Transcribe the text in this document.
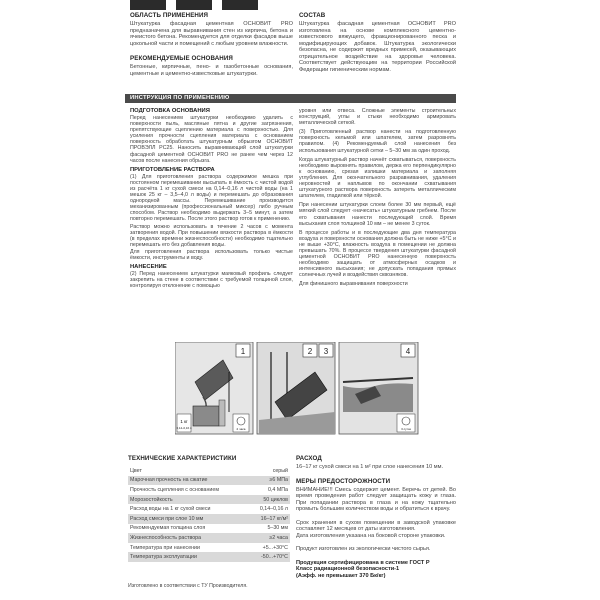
ОБЛАСТЬ ПРИМЕНЕНИЯ
Штукатурка фасадная цементная ОСНОВИТ PRO предназначена для выравнивания стен из кирпича, бетона и ячеистого бетона. Рекомендуется для отделки фасадов выше цокольной части и помещений с любым уровнем влажности.
РЕКОМЕНДУЕМЫЕ ОСНОВАНИЯ
Бетонные, кирпичные, пено- и газобетонные основания, цементные и цементно-известковые штукатурки.
СОСТАВ
Штукатурка фасадная цементная ОСНОВИТ PRO изготовлена на основе комплексного цементно-известкового вяжущего, фракционированного песка и модифицирующих добавок. Штукатурка экологически безопасна, не содержит вредных примесей, оказывающих отрицательное воздействие на здоровье человека. Соответствует действующим на территории Российской Федерации гигиеническим нормам.
ИНСТРУКЦИЯ ПО ПРИМЕНЕНИЮ
ПОДГОТОВКА ОСНОВАНИЯ
Перед нанесением штукатурки необходимо удалить с поверхности пыль, масляные пятна и другие загрязнения, препятствующие сцеплению материала с поверхностью. Для усиления прочности сцепления материала с основанием поверхность обработать штукатурным обрызгом ОСНОВИТ ПРОВЭЛЛ PC25. Наносить выравнивающий слой штукатурки фасадной цементной ОСНОВИТ PRO не ранее чем через 12 часов после нанесения обрызга.
ПРИГОТОВЛЕНИЕ РАСТВОРА
(1) Для приготовления раствора содержимое мешка при постоянном перемешивании высыпать в ёмкость с чистой водой из расчёта 1 кг сухой смеси на 0,14–0,16 л чистой воды (на 1 мешок 25 кг – 3,5–4,0 л воды) и перемешать до образования однородной массы. Перемешивание производится механизированным (профессиональный миксер) либо ручным способом. Раствор необходимо выдержать 3–5 минут, а затем повторно перемешать. После этого раствор готов к применению.
Раствор можно использовать в течение 2 часов с момента затворения водой. При повышении вязкости раствора в ёмкости (в пределах времени жизнеспособности) необходимо тщательно перемешать его без добавления воды.
Для приготовления раствора использовать только чистые ёмкости, инструменты и воду.
НАНЕСЕНИЕ
(2) Перед нанесением штукатурки маяковый профиль следует закрепить на стене в соответствии с требуемой толщиной слоя, контролируя отклонение с помощью
уровня или отвеса. Сложные элементы строительных конструкций, углы и стыки необходимо армировать металлической сеткой.
(3) Приготовленный раствор нанести на подготовленную поверхность кельмой или шпателем, затем разровнять правилом. (4) Рекомендуемый слой нанесения без использования штукатурной сетки – 5–30 мм за один проход.
Когда штукатурный раствор начнёт схватываться, поверхность необходимо выровнять правилом, держа его перпендикулярно к основанию, срезая излишки материала и заполняя углубления. Для окончательного разравнивания, удаления неровностей и наплывов по окончании схватывания штукатурного раствора поверхность затереть металлическим шпателем, гладилкой или тёркой.
При нанесении штукатурки слоем более 30 мм первый, ещё мягкий слой следует «начесать» штукатурным гребнем. После его схватывания нанести последующий слой. Время высыхания слоя толщиной 10 мм – не менее 3 суток.
В процессе работы и в последующие два дня температура воздуха и поверхности основания должна быть не ниже +5°С и не выше +30°С, влажность воздуха в помещении не должна превышать 70%. В процессе твердения штукатурки фасадной цементной ОСНОВИТ PRO нанесенную поверхность необходимо защищать от атмосферных осадков и интенсивного высыхания; не допускать попадания прямых солнечных лучей и воздействия сквозняков.
Для финишного выравнивания поверхности
1
1 кг
0,14–0,16 л	2 часа
2 3	4
3 суток
ТЕХНИЧЕСКИЕ ХАРАКТЕРИСТИКИ
Цвет	серый
Марочная прочность на сжатие	≥6 МПа
Прочность сцепления с основанием	0,4 МПа
Морозостойкость	50 циклов
Расход воды на 1 кг сухой смеси	0,14–0,16 л
Расход смеси при слое 10 мм	16–17 кг/м²
Рекомендуемая толщина слоя	5–30 мм
Жизнеспособность раствора	≥2 часа
Температура при нанесении	+5...+30°С
Температура эксплуатации	-50...+70°С
РАСХОД
16–17 кг сухой смеси на 1 м² при слое нанесения 10 мм.
МЕРЫ ПРЕДОСТОРОЖНОСТИ
ВНИМАНИЕ!!! Смесь содержит цемент. Беречь от детей. Во время проведения работ следует защищать кожу и глаза. При попадании раствора в глаза и на кожу тщательно промыть большим количеством воды и обратиться к врачу.
Срок хранения в сухом помещении в заводской упаковке составляет 12 месяцев от даты изготовления.
Дата изготовления указана на боковой стороне упаковки.
Продукт изготовлен из экологически чистого сырья.
Продукция сертифицирована в системе ГОСТ Р
Класс радиационной безопасности-1
(Аэфф. не превышает 370 Бк/кг)
Изготовлено в соответствии с ТУ Производителя.
